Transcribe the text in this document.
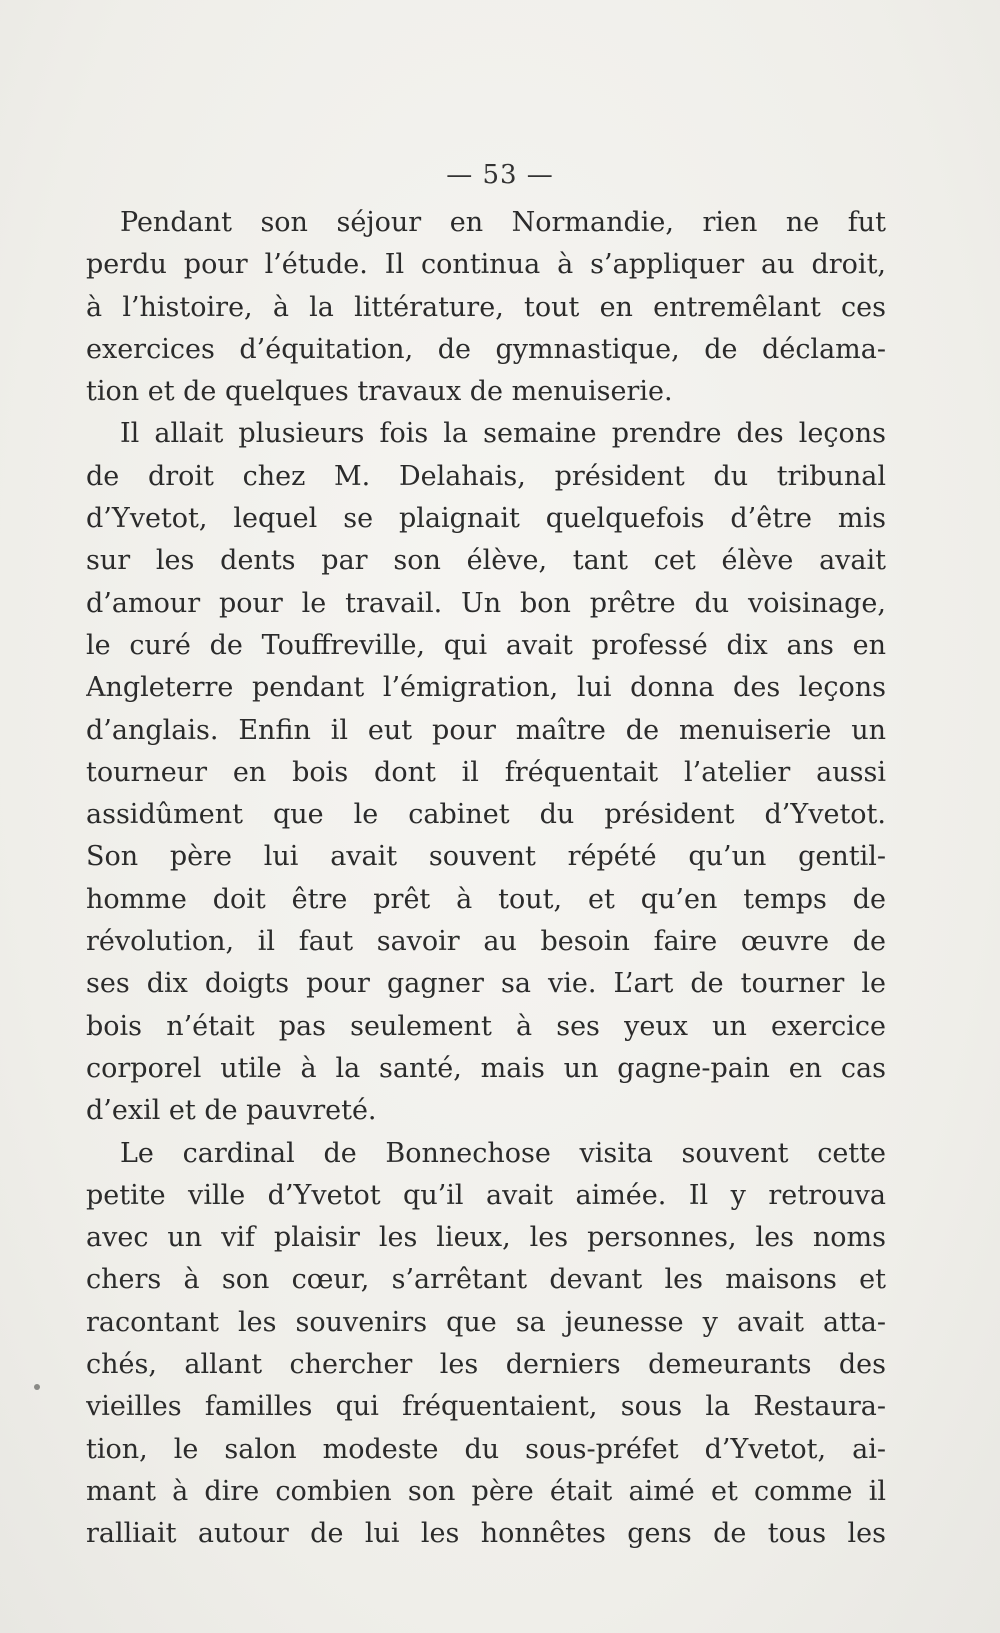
— 53 —
Pendant son séjour en Normandie, rien ne fut
perdu pour l’étude. Il continua à s’appliquer au droit,
à l’histoire, à la littérature, tout en entremêlant ces
exercices d’équitation, de gymnastique, de déclama-
tion et de quelques travaux de menuiserie.
Il allait plusieurs fois la semaine prendre des leçons
de droit chez M. Delahais, président du tribunal
d’Yvetot, lequel se plaignait quelquefois d’être mis
sur les dents par son élève, tant cet élève avait
d’amour pour le travail. Un bon prêtre du voisinage,
le curé de Touffreville, qui avait professé dix ans en
Angleterre pendant l’émigration, lui donna des leçons
d’anglais. Enfin il eut pour maître de menuiserie un
tourneur en bois dont il fréquentait l’atelier aussi
assidûment que le cabinet du président d’Yvetot.
Son père lui avait souvent répété qu’un gentil-
homme doit être prêt à tout, et qu’en temps de
révolution, il faut savoir au besoin faire œuvre de
ses dix doigts pour gagner sa vie. L’art de tourner le
bois n’était pas seulement à ses yeux un exercice
corporel utile à la santé, mais un gagne-pain en cas
d’exil et de pauvreté.
Le cardinal de Bonnechose visita souvent cette
petite ville d’Yvetot qu’il avait aimée. Il y retrouva
avec un vif plaisir les lieux, les personnes, les noms
chers à son cœur, s’arrêtant devant les maisons et
racontant les souvenirs que sa jeunesse y avait atta-
chés, allant chercher les derniers demeurants des
vieilles familles qui fréquentaient, sous la Restaura-
tion, le salon modeste du sous-préfet d’Yvetot, ai-
mant à dire combien son père était aimé et comme il
ralliait autour de lui les honnêtes gens de tous les
